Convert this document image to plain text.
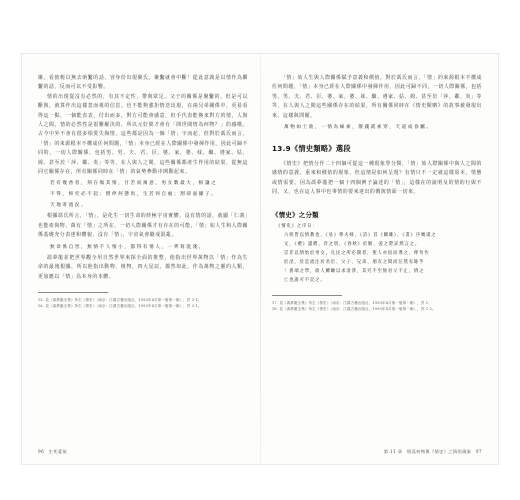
聚、看彼輕以無去萌繫的話，容身份出現聚氏。聚繫就會中斷！從此意義是以情作為聯繫的話，反而可以不受影響。

情的出現從沒有必然的，有其不定性，帶與眾足。父子的關係是聚繫的，但是可以斷與，就算作出這樣忽而視的信息。也不能夠強拒情送出現，在兩兄弟關係中，更易看得這一點，一個能表表，付出而多，對方可能會感意，但手代表能換來對方的情，人與人之間，情的必然性是很難解決的，所以元好問才會有「問世間情為何物？」的感嘆。古今中外不會有很多相愛失掏情，這些都是因為一個「情」字而起，但對於馮氏而言，「情」的來源根本不構成任何問題，「情」本身已經在人際關係中發揮作用，因此可歸不同的，一切人際關係，包括男、男、夫、君、臣、婆、家，婆、妹、繼、遵家、姑、姆、甚至於「萍、鄰、炎」等等，在人與人之間，這些關係都產生作用的結果，從無這同它關係存在，所有關係同時在「情」的氣勢參動中開動起來。

若有幾香者，刻在傷其情，甘苦而寓意，男女數最大，相讓之

不得，終究必不起；僧停何態馬，生若何自處；割卻面據子。

天地寄流況。

根據馮氏所言，「情」，是化生一切生命的終極宇宙實體，沒有情的話，就顯「仁義」也能產與物、萬有「情」之所在，一切人際關係才有存在的可能，「情」如人生和人際關係基礎充分表達和體貌，沒有「情」，宇宙氣會隨成混亂。

無章係自害，無情不人情小，都得有情人，一齊寫混淺。

馮夢龍並把世界觀全用自然世界來探全面的推整，他指出世界萬物以「情」作為生命的最後根據，所以他指出動物、植物，四大星辰、都然如此，作為萬物之靈的人類，更加應以「情」為本身的本體。

15. 見《馮夢龍全集》所生《情史》（南京：江蘇古籍出版社，1993年4月第一版第一刷），頁 3-1。

16. 見《馮夢龍全集》所生《情史》（南京：江蘇古籍出版社，1993年4月第一版第一刷），頁 3-1。

96　生死愛欲

「情」始人生與人際關係賦予意義和價值，對於馮氏而言，「情」的來源根本不構成任何問題，「情」本身已經在人際關係中發揮作用，因此可歸不同，一切人際關係，包括男、男、夫、君、臣、婆、家，婆、妹、繼、遵家、姑、姆、甚至於「萍、鄰、炎」等等，在人與人之間這些關係存在的結果，所有關係同時在《情史類略》的故事被發現出來，這樣與問題。

萬物如土欲，一情為線索，散錢就索穿，天道成眷屬。

13.9《情史類略》選段

《情史》把情分作二十四個可從這一種現象學分類，「情」始人際關係中與人之間的感情的意義，重來和價值的現象，但這情是如何呈現？有情只不一定就這樣原本，情態或情需要。因為馮夢龍把一個十四個例子論述的「情」，這樣在的說明及的情的行與不同，又，也在這人事中也事情的要來達出的價與情面一切來。

《情史》之分類

《情史》之序日：

六經皆以情教也，《易》尊夫婦，《詩》首《關雎》，《書》序嬪虞之

文，《禮》謹聘、奔之別，《春秋》於姬、姜之際詳然言之。

豈非以情始於男女，凡民之所必開者，聖人亦因而導之，俾勿作

於淫，於是流注於君臣、父子、兄弟、朋友之間而汪然有餘乎

！異端之學，欲人鰥曠以求清淨，其究不至無君父不止，情之

亡也誰可不記之。

17. 見《馮夢龍全集》所生《情史》（南京：江蘇古籍出版社，1993年4月第一版第一刷），頁 1。

18. 見《馮夢龍全集》所生《情史》（南京：江蘇古籍出版社，1993年4月第一版第一刷），頁 1-2。

第 11 章　情爲何物與《情史》之情的現象　97
